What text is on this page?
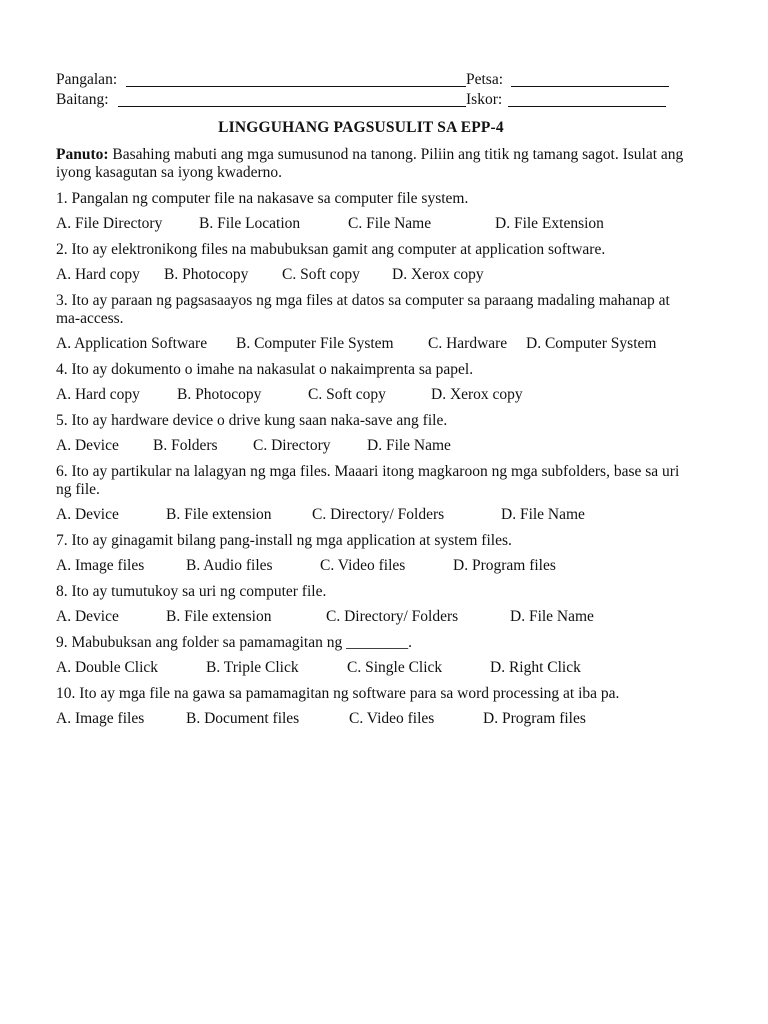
Pangalan:	Petsa:
Baitang:	Iskor:
LINGGUHANG PAGSUSULIT SA EPP-4
Panuto: Basahing mabuti ang mga sumusunod na tanong. Piliin ang titik ng tamang sagot. Isulat ang iyong kasagutan sa iyong kwaderno.
1. Pangalan ng computer file na nakasave sa computer file system.
A. File Directory B. File Location	C. File Name	D. File Extension
2. Ito ay elektronikong files na mabubuksan gamit ang computer at application software.
A. Hard copy B. Photocopy C. Soft copy D. Xerox copy
3. Ito ay paraan ng pagsasaayos ng mga files at datos sa computer sa paraang madaling mahanap at ma-access.
A. Application Software B. Computer File System C. Hardware D. Computer System
4. Ito ay dokumento o imahe na nakasulat o nakaimprenta sa papel.
A. Hard copy B. Photocopy	C. Soft copy	D. Xerox copy
5. Ito ay hardware device o drive kung saan naka-save ang file.
A. Device B. Folders C. Directory D. File Name
6. Ito ay partikular na lalagyan ng mga files. Maaari itong magkaroon ng mga subfolders, base sa uri ng file.
A. Device	B. File extension	C. Directory/ Folders	D. File Name
7. Ito ay ginagamit bilang pang-install ng mga application at system files.
A. Image files	B. Audio files	C. Video files	D. Program files
8. Ito ay tumutukoy sa uri ng computer file.
A. Device	B. File extension	C. Directory/ Folders	D. File Name
9. Mabubuksan ang folder sa pamamagitan ng ________.
A. Double Click	B. Triple Click	C. Single Click	D. Right Click
10. Ito ay mga file na gawa sa pamamagitan ng software para sa word processing at iba pa.
A. Image files	B. Document files	C. Video files	D. Program files
